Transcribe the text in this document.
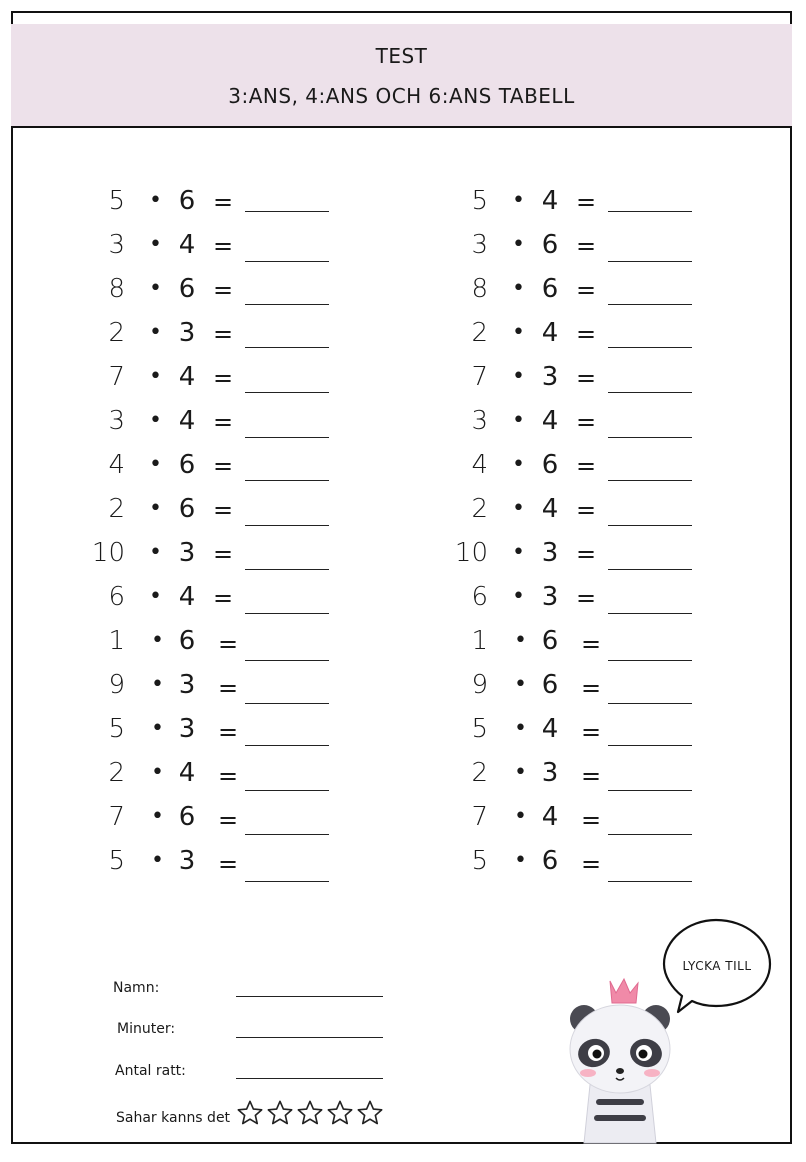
TEST
3:ANS, 4:ANS OCH 6:ANS TABELL
5 • 6 =
3 • 4 =
8 • 6 =
2 • 3 =
7 • 4 =
3 • 4 =
4 • 6 =
2 • 6 =
10 • 3 =
6 • 4 =
1 • 6 =
9 • 3 =
5 • 3 =
2 • 4 =
7 • 6 =
5 • 3 =
5 • 4 =
3 • 6 =
8 • 6 =
2 • 4 =
7 • 3 =
3 • 4 =
4 • 6 =
2 • 4 =
10 • 3 =
6 • 3 =
1 • 6 =
9 • 6 =
5 • 4 =
2 • 3 =
7 • 4 =
5 • 6 =
Namn:
Minuter:
Antal ratt:
Sahar kanns det
LYCKA TILL
